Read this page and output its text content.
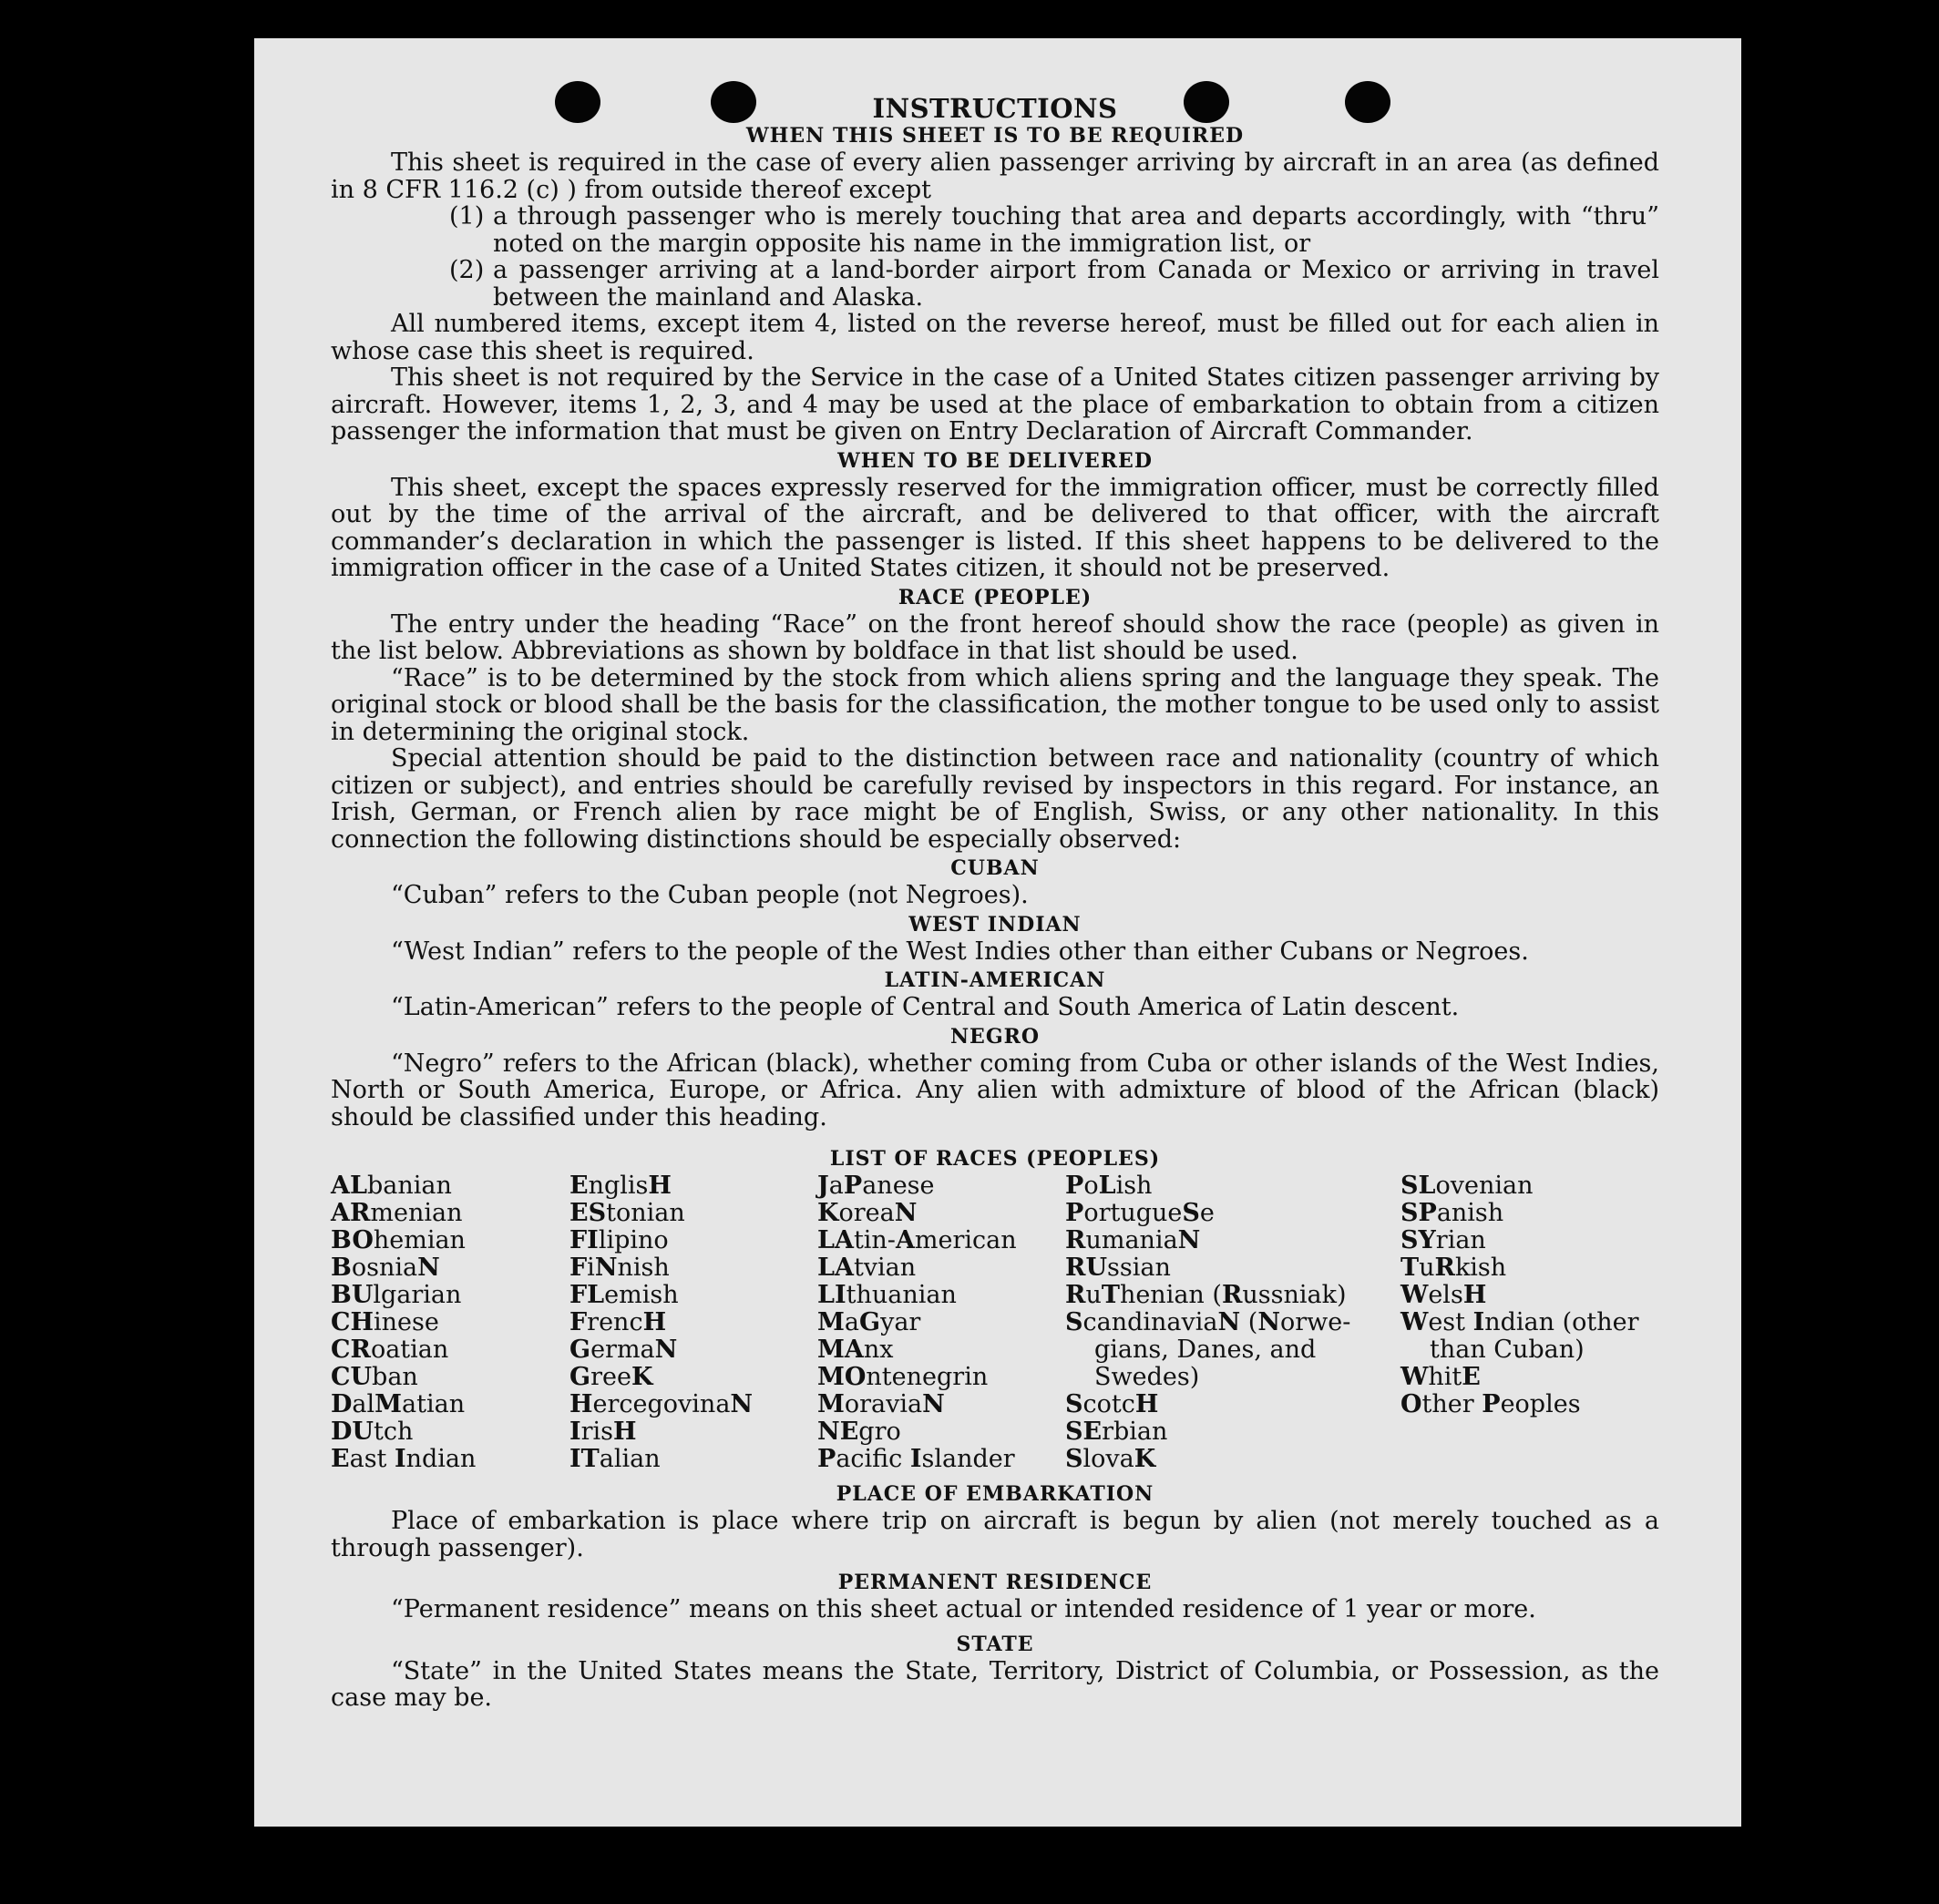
INSTRUCTIONS
WHEN THIS SHEET IS TO BE REQUIRED

This sheet is required in the case of every alien passenger arriving by aircraft in an area (as defined in 8 CFR 116.2 (c) ) from outside thereof except

(1) a through passenger who is merely touching that area and departs accordingly, with “thru” noted on the margin opposite his name in the immigration list, or
(2) a passenger arriving at a land-border airport from Canada or Mexico or arriving in travel between the mainland and Alaska.

All numbered items, except item 4, listed on the reverse hereof, must be filled out for each alien in whose case this sheet is required.

This sheet is not required by the Service in the case of a United States citizen passenger arriving by aircraft. However, items 1, 2, 3, and 4 may be used at the place of embarkation to obtain from a citizen passenger the information that must be given on Entry Declaration of Aircraft Commander.

WHEN TO BE DELIVERED

This sheet, except the spaces expressly reserved for the immigration officer, must be correctly filled out by the time of the arrival of the aircraft, and be delivered to that officer, with the aircraft commander’s declaration in which the passenger is listed. If this sheet happens to be delivered to the immigration officer in the case of a United States citizen, it should not be preserved.

RACE (PEOPLE)

The entry under the heading “Race” on the front hereof should show the race (people) as given in the list below. Abbreviations as shown by boldface in that list should be used.

“Race” is to be determined by the stock from which aliens spring and the language they speak. The original stock or blood shall be the basis for the classification, the mother tongue to be used only to assist in determining the original stock.

Special attention should be paid to the distinction between race and nationality (country of which citizen or subject), and entries should be carefully revised by inspectors in this regard. For instance, an Irish, German, or French alien by race might be of English, Swiss, or any other nationality. In this connection the following distinctions should be especially observed:

CUBAN

“Cuban” refers to the Cuban people (not Negroes).

WEST INDIAN

“West Indian” refers to the people of the West Indies other than either Cubans or Negroes.

LATIN-AMERICAN

“Latin-American” refers to the people of Central and South America of Latin descent.

NEGRO

“Negro” refers to the African (black), whether coming from Cuba or other islands of the West Indies, North or South America, Europe, or Africa. Any alien with admixture of blood of the African (black) should be classified under this heading.

LIST OF RACES (PEOPLES)
ALbanian
ARmenian
BOhemian
BosniaN
BUlgarian
CHinese
CRoatian
CUban
DalMatian
DUtch
East Indian
EnglisH
EStonian
FIlipino
FiNnish
FLemish
FrencH
GermaN
GreeK
HercegovinaN
IrisH
ITalian
JaPanese
KoreaN
LAtin-American
LAtvian
LIthuanian
MaGyar
MAnx
MOntenegrin
MoraviaN
NEgro
Pacific Islander
PoLish
PortugueSe
RumaniaN
RUssian
RuThenian (Russniak)
ScandinaviaN (Norwe-
gians, Danes, and
Swedes)
ScotcH
SErbian
SlovaK
SLovenian
SPanish
SYrian
TuRkish
WelsH
West Indian (other
than Cuban)
WhitE
Other Peoples
PLACE OF EMBARKATION

Place of embarkation is place where trip on aircraft is begun by alien (not merely touched as a through passenger).

PERMANENT RESIDENCE

“Permanent residence” means on this sheet actual or intended residence of 1 year or more.

STATE

“State” in the United States means the State, Territory, District of Columbia, or Possession, as the case may be.
